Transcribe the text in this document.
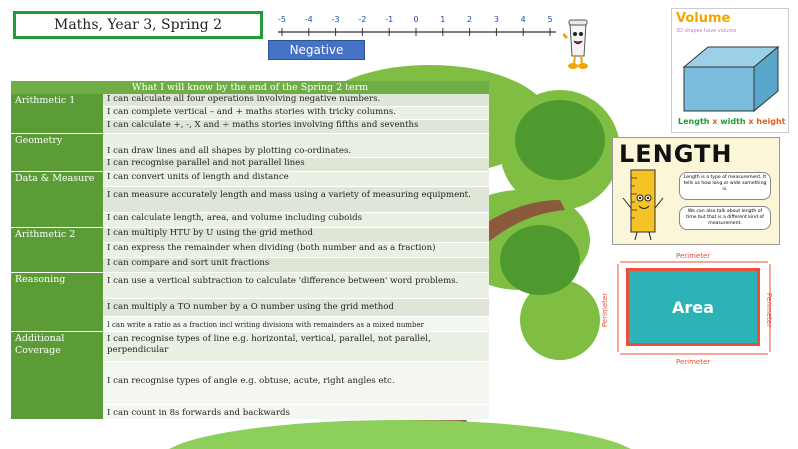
Maths, Year 3, Spring 2	-5 -4 -3 -2 -1	0	1	2	3	4	5
Negative
What I will know by the end of the Spring 2 term	
Arithmetic 1	I can calculate all four operations involving negative numbers.
	I can complete vertical – and + maths stories with tricky columns.
	I can calculate +, -, X and ÷ maths stories involving fifths and sevenths
Geometry	I can draw lines and all shapes by plotting co-ordinates.
	I can recognise parallel and not parallel lines
Data & Measure	I can convert units of length and distance
	I can measure accurately length and mass using a variety of measuring equipment.
	I can calculate length, area, and volume including cuboids
Arithmetic 2	I can multiply HTU by U using the grid method
	I can express the remainder when dividing (both number and as a fraction)
	I can compare and sort unit fractions
Reasoning	I can use a vertical subtraction to calculate 'difference between' word problems.
	I can multiply a TO number by a O number using the grid method
	I can write a ratio as a fraction incl writing divisions with remainders as a mixed number
Additional Coverage	I can recognise types of line e.g. horizontal, vertical, parallel, not parallel, perpendicular
	I can recognise types of angle e.g. obtuse, acute, right angles etc.
	I can count in 8s forwards and backwards
Volume
3D shapes have volume
Length x width x height
LENGTH
Length is a type of measurement. It tells us how long or wide something is.
We can also talk about length of time but that is a different kind of measurement.
Perimeter
Perimeter
Perimeter	Perimeter
Area
